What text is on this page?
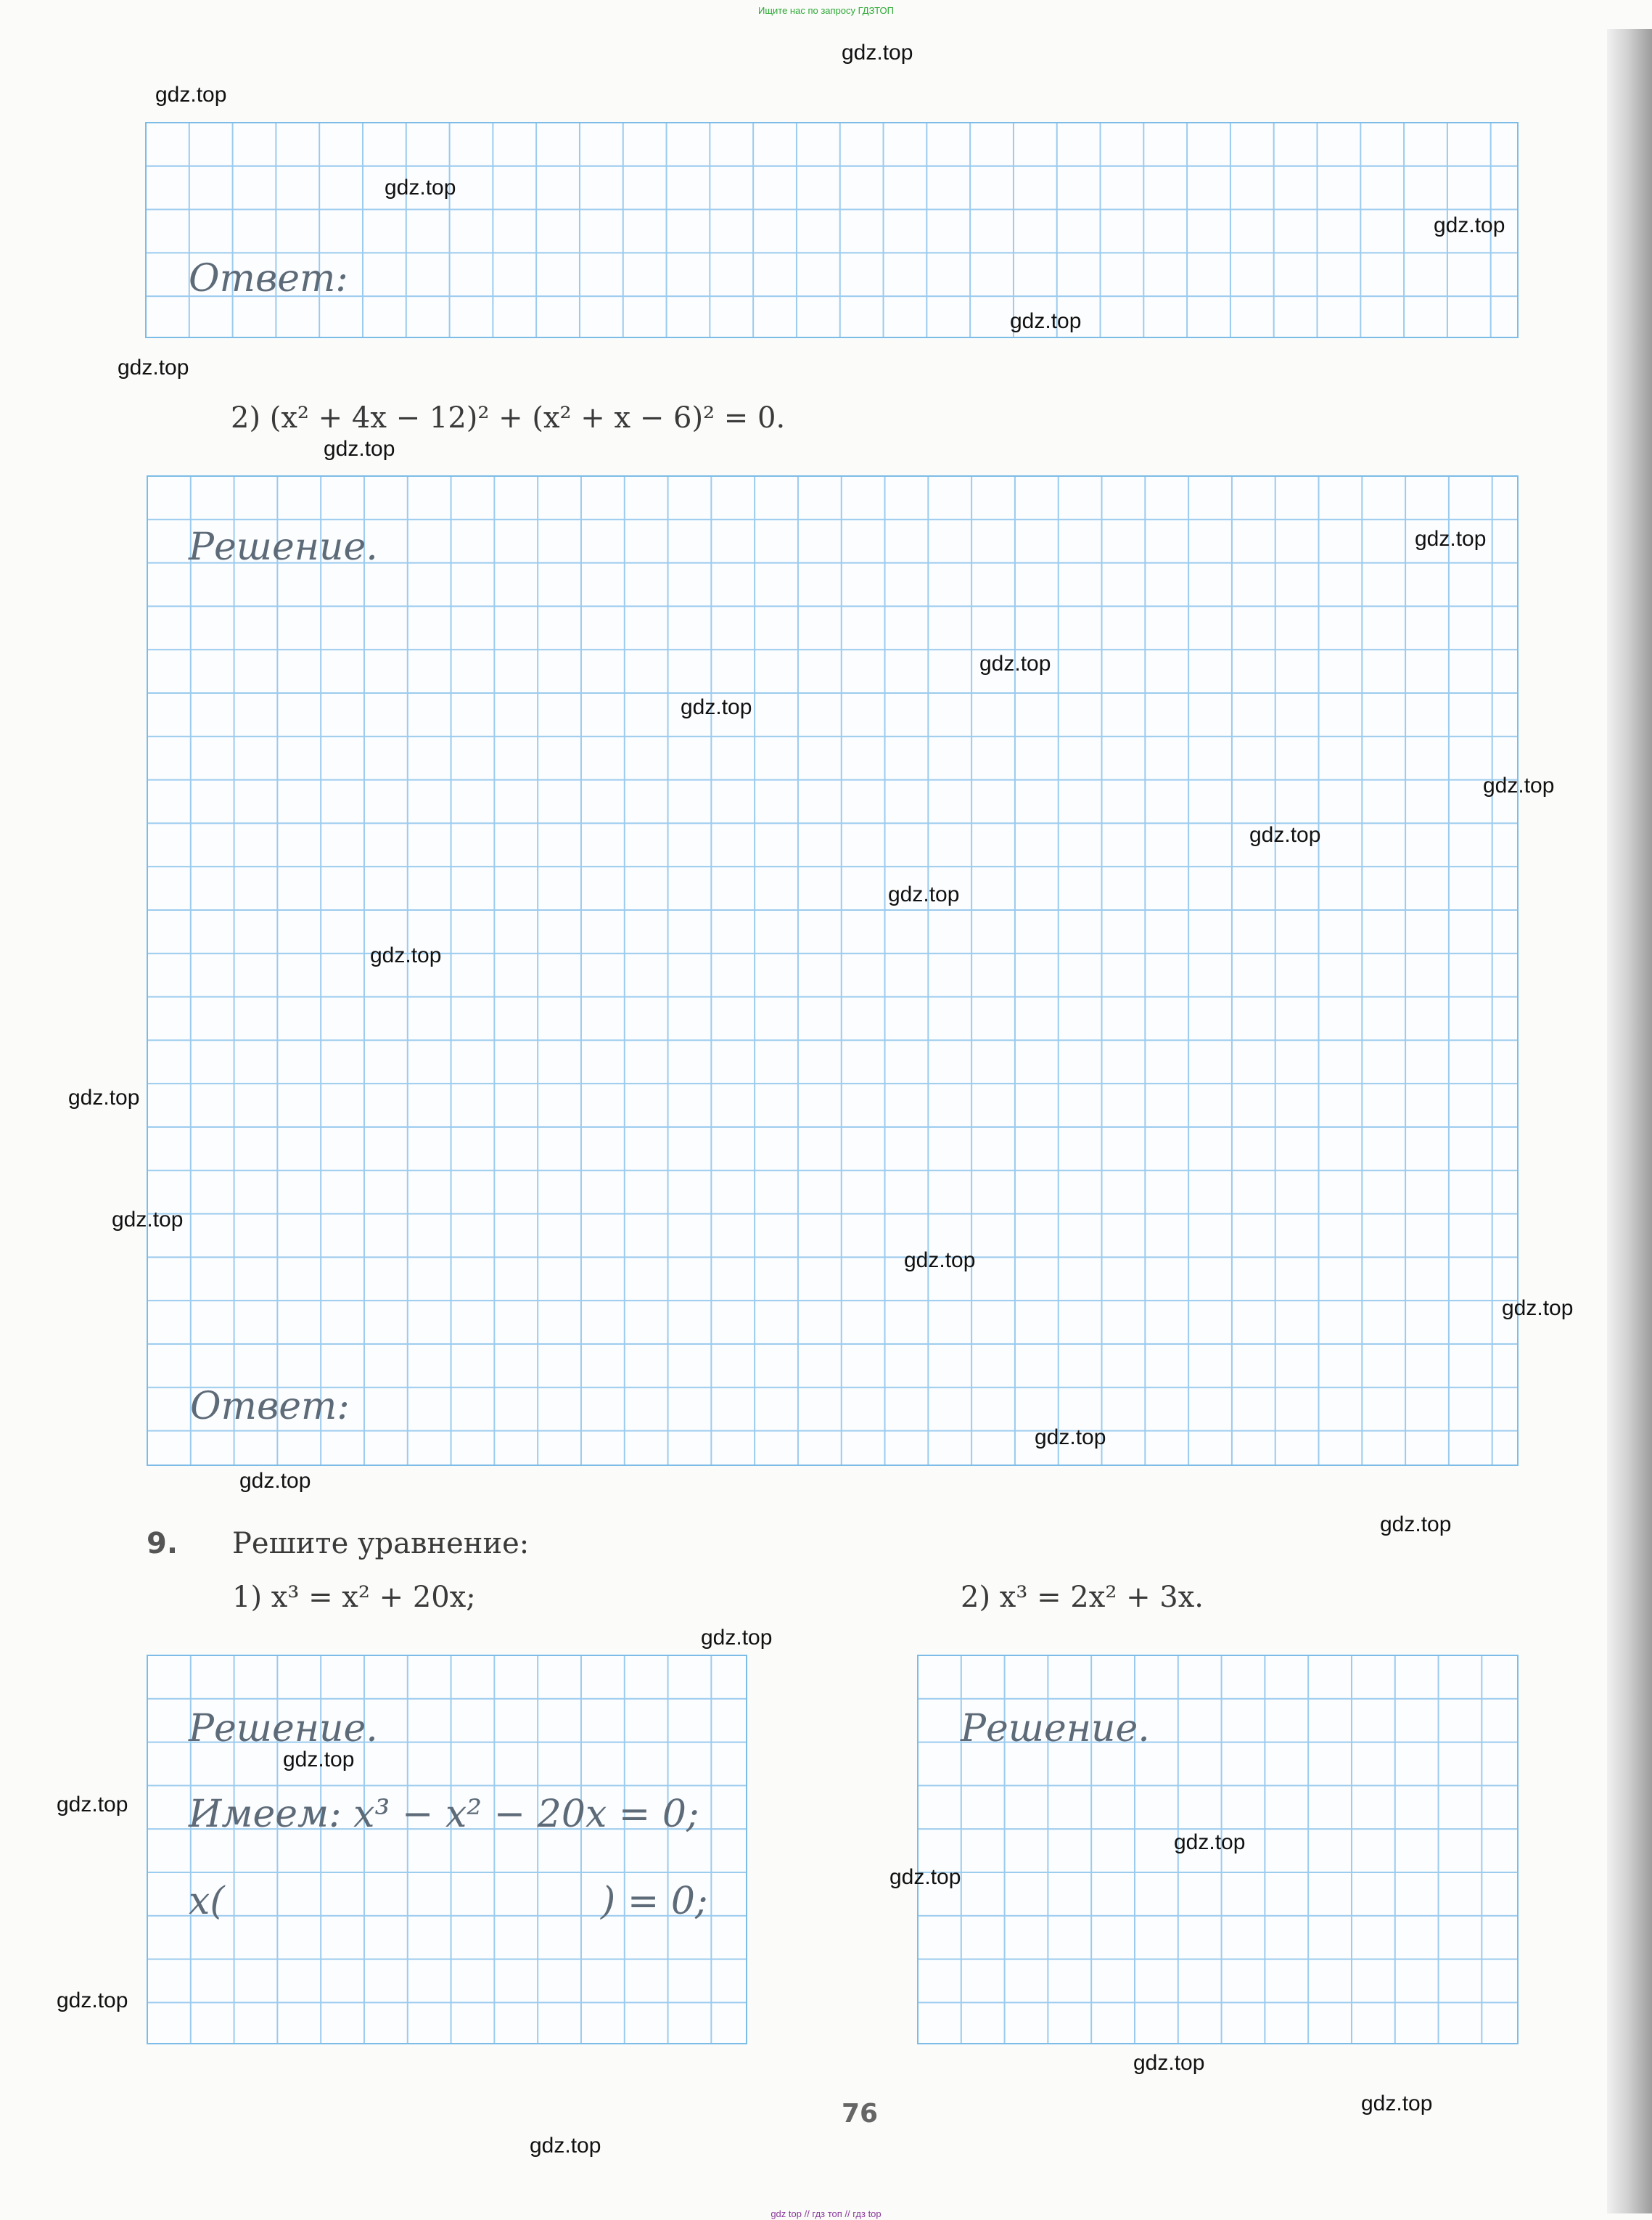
Ищите нас по запросу ГДЗТОП
Ответ:
2) (x² + 4x − 12)² + (x² + x − 6)² = 0.
Решение.
Ответ:
9. Решите уравнение:
1) x³ = x² + 20x;	2) x³ = 2x² + 3x.
Решение.
Имеем: x³ − x² − 20x = 0;
x(	) = 0;
Решение.
76
gdz.top
gdz.top
gdz.top
gdz.top
gdz.top
gdz.top
gdz.top
gdz.top
gdz.top
gdz.top
gdz.top
gdz.top
gdz.top
gdz.top
gdz.top
gdz.top
gdz.top
gdz.top
gdz.top
gdz.top
gdz.top
gdz.top
gdz.top
gdz.top
gdz.top
gdz.top
gdz.top
gdz.top
gdz.top
gdz.top
gdz top // гдз топ // гдз top
